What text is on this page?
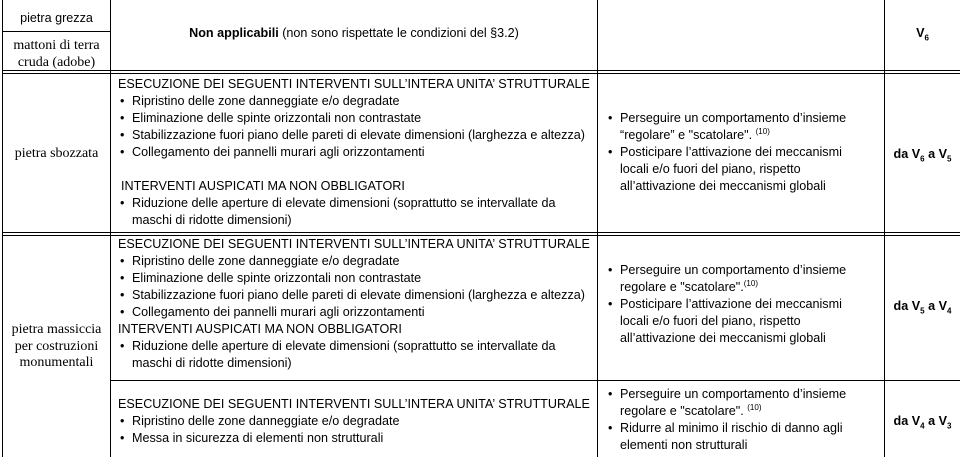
pietra grezza
mattoni di terra cruda (adobe)
Non applicabili (non sono rispettate le condizioni del §3.2)	$V_6$
pietra sbozzata
ESECUZIONE DEI SEGUENTI INTERVENTI SULL’INTERA UNITA’ STRUTTURALE
• Ripristino delle zone danneggiate e/o degradate
• Eliminazione delle spinte orizzontali non contrastate
• Stabilizzazione fuori piano delle pareti di elevate dimensioni (larghezza e altezza)
• Collegamento dei pannelli murari agli orizzontamenti
INTERVENTI AUSPICATI MA NON OBBLIGATORI
• Riduzione delle aperture di elevate dimensioni (soprattutto se intervallate da
maschi di ridotte dimensioni)
• Perseguire un comportamento d’insieme
“regolare” e "scatolare". $^{(10)}$
• Posticipare l’attivazione dei meccanismi
locali e/o fuori del piano, rispetto
all’attivazione dei meccanismi globali
da $V_6$ a $V_5$
pietra massiccia
per costruzioni
monumentali
ESECUZIONE DEI SEGUENTI INTERVENTI SULL’INTERA UNITA’ STRUTTURALE
• Ripristino delle zone danneggiate e/o degradate
• Eliminazione delle spinte orizzontali non contrastate
• Stabilizzazione fuori piano delle pareti di elevate dimensioni (larghezza e altezza)
• Collegamento dei pannelli murari agli orizzontamenti
INTERVENTI AUSPICATI MA NON OBBLIGATORI
• Riduzione delle aperture di elevate dimensioni (soprattutto se intervallate da
maschi di ridotte dimensioni)
• Perseguire un comportamento d’insieme
regolare e "scatolare".$^{(10)}$
• Posticipare l’attivazione dei meccanismi
locali e/o fuori del piano, rispetto
all’attivazione dei meccanismi globali
da $V_5$ a $V_4$
ESECUZIONE DEI SEGUENTI INTERVENTI SULL’INTERA UNITA’ STRUTTURALE
• Ripristino delle zone danneggiate e/o degradate
• Messa in sicurezza di elementi non strutturali
• Perseguire un comportamento d’insieme
regolare e "scatolare". $^{(10)}$
• Ridurre al minimo il rischio di danno agli
elementi non strutturali
da $V_4$ a $V_3$
